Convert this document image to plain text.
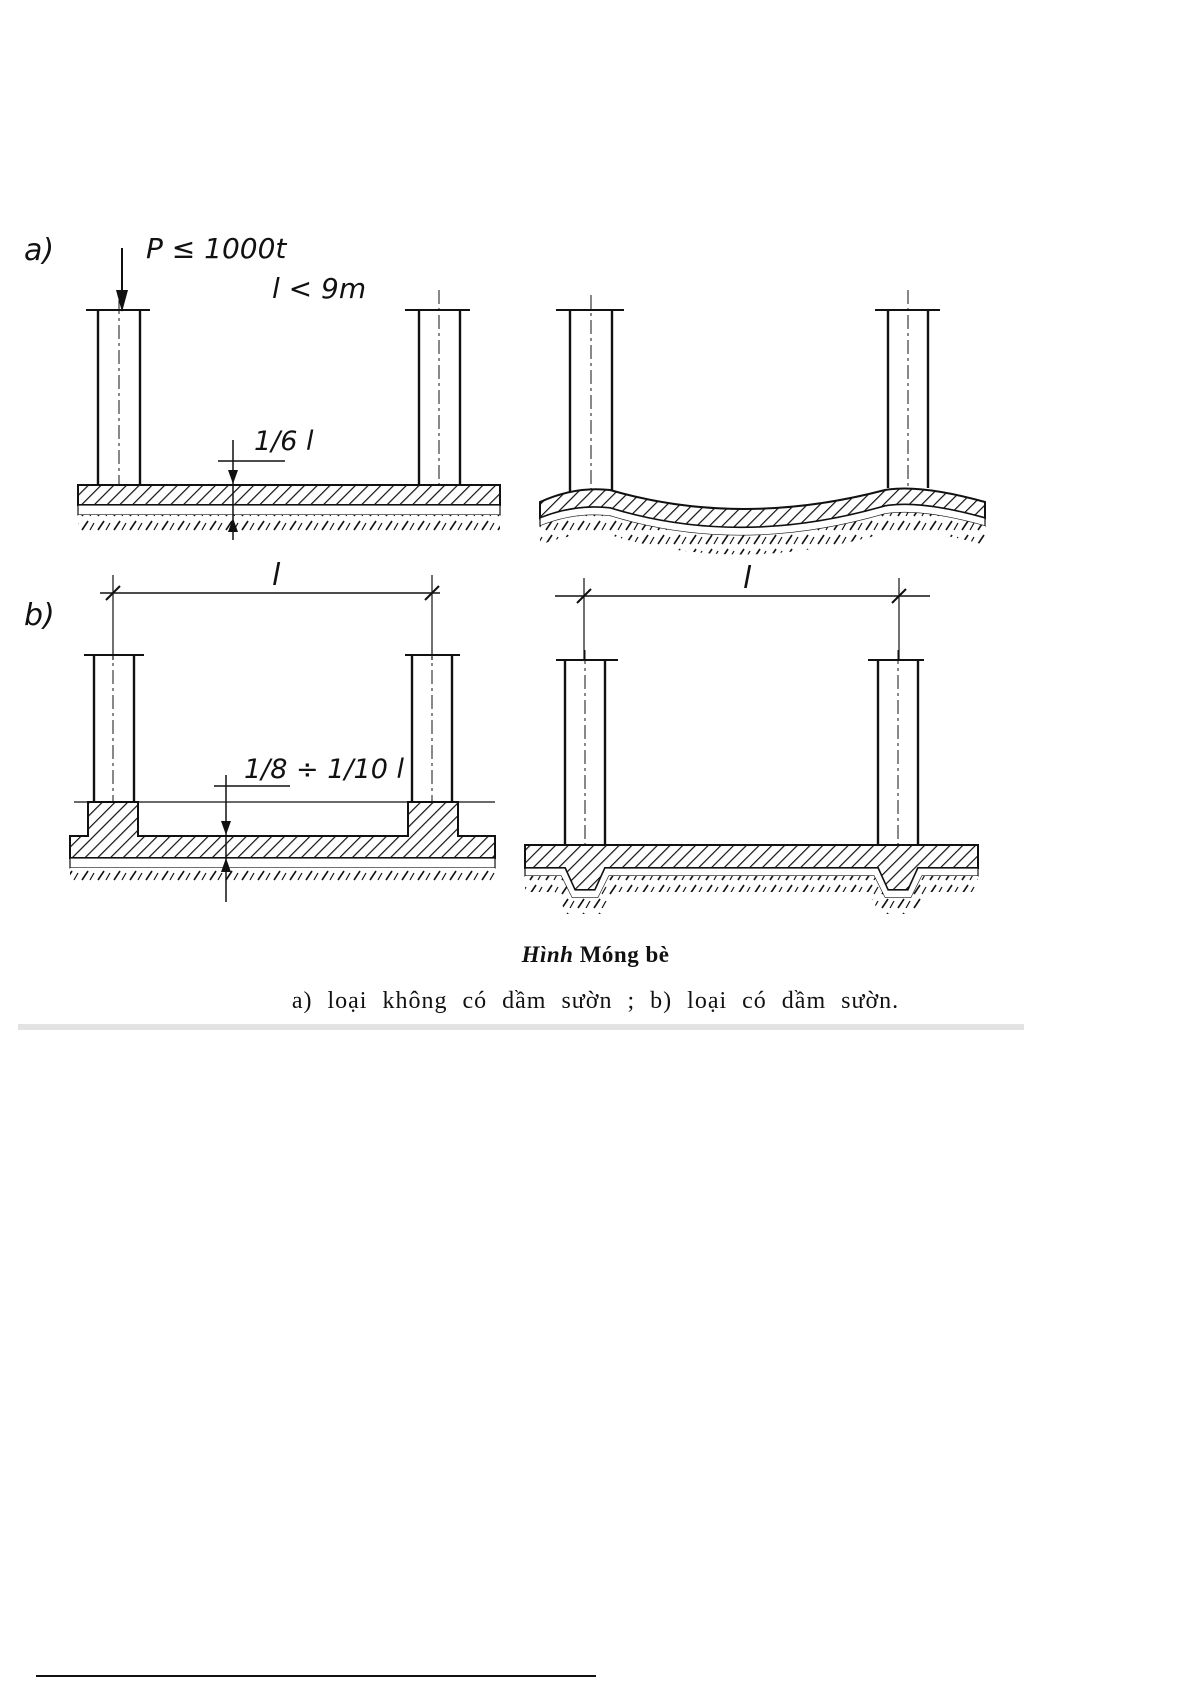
a)	P ≤ 1000t
l < 9m
1/6 l
b)
l
1/8 ÷ 1/10 l
l
Hình Móng bè
a) loại không có dầm sườn ; b) loại có dầm sườn.
